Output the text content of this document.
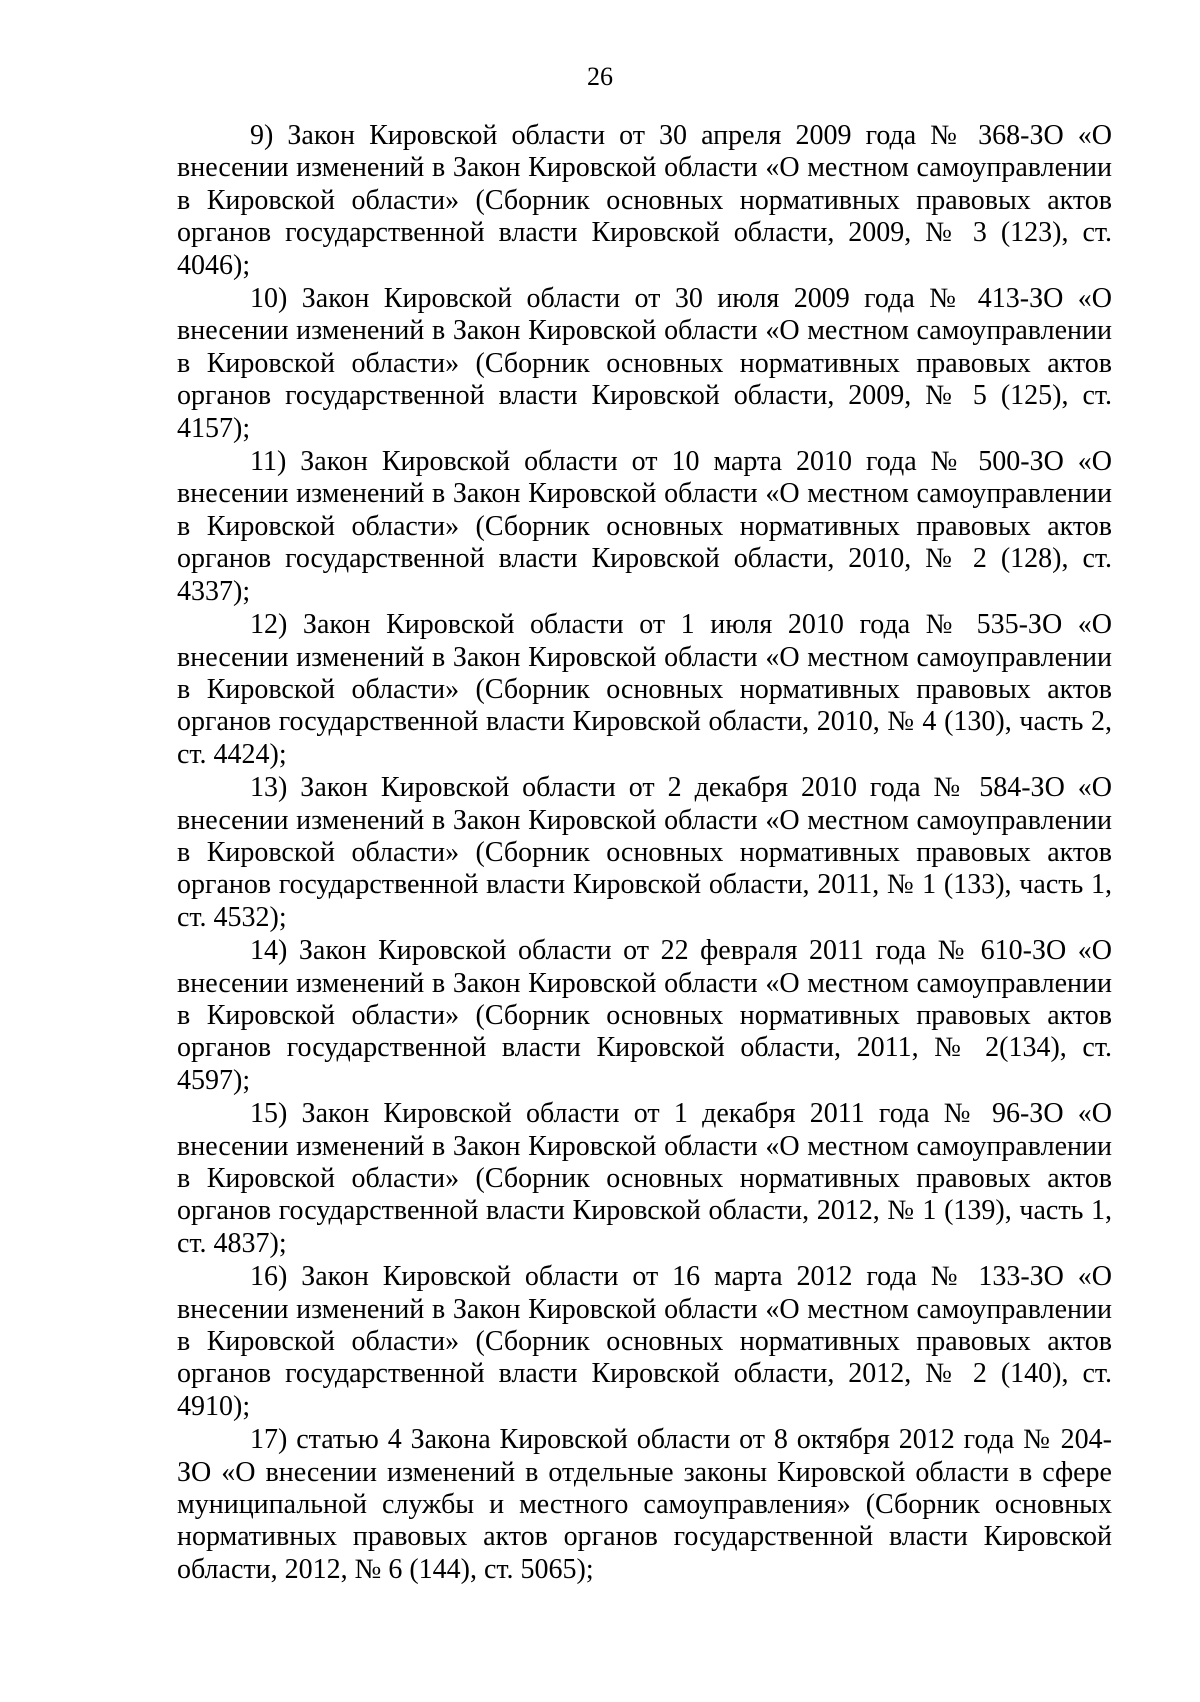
26

9) Закон Кировской области от 30 апреля 2009 года № 368-ЗО «О внесении изменений в Закон Кировской области «О местном самоуправлении в Кировской области» (Сборник основных нормативных правовых актов органов государственной власти Кировской области, 2009, № 3 (123), ст. 4046);

10) Закон Кировской области от 30 июля 2009 года № 413-ЗО «О внесении изменений в Закон Кировской области «О местном самоуправлении в Кировской области» (Сборник основных нормативных правовых актов органов государственной власти Кировской области, 2009, № 5 (125), ст. 4157);

11) Закон Кировской области от 10 марта 2010 года № 500-ЗО «О внесении изменений в Закон Кировской области «О местном самоуправлении в Кировской области» (Сборник основных нормативных правовых актов органов государственной власти Кировской области, 2010, № 2 (128), ст. 4337);

12) Закон Кировской области от 1 июля 2010 года № 535-ЗО «О внесении изменений в Закон Кировской области «О местном самоуправлении в Кировской области» (Сборник основных нормативных правовых актов органов государственной власти Кировской области, 2010, № 4 (130), часть 2, ст. 4424);

13) Закон Кировской области от 2 декабря 2010 года № 584-ЗО «О внесении изменений в Закон Кировской области «О местном самоуправлении в Кировской области» (Сборник основных нормативных правовых актов органов государственной власти Кировской области, 2011, № 1 (133), часть 1, ст. 4532);

14) Закон Кировской области от 22 февраля 2011 года № 610-ЗО «О внесении изменений в Закон Кировской области «О местном самоуправлении в Кировской области» (Сборник основных нормативных правовых актов органов государственной власти Кировской области, 2011, № 2(134), ст. 4597);

15) Закон Кировской области от 1 декабря 2011 года № 96-ЗО «О внесении изменений в Закон Кировской области «О местном самоуправлении в Кировской области» (Сборник основных нормативных правовых актов органов государственной власти Кировской области, 2012, № 1 (139), часть 1, ст. 4837);

16) Закон Кировской области от 16 марта 2012 года № 133-ЗО «О внесении изменений в Закон Кировской области «О местном самоуправлении в Кировской области» (Сборник основных нормативных правовых актов органов государственной власти Кировской области, 2012, № 2 (140), ст. 4910);

17) статью 4 Закона Кировской области от 8 октября 2012 года № 204-ЗО «О внесении изменений в отдельные законы Кировской области в сфере муниципальной службы и местного самоуправления» (Сборник основных нормативных правовых актов органов государственной власти Кировской области, 2012, № 6 (144), ст. 5065);
